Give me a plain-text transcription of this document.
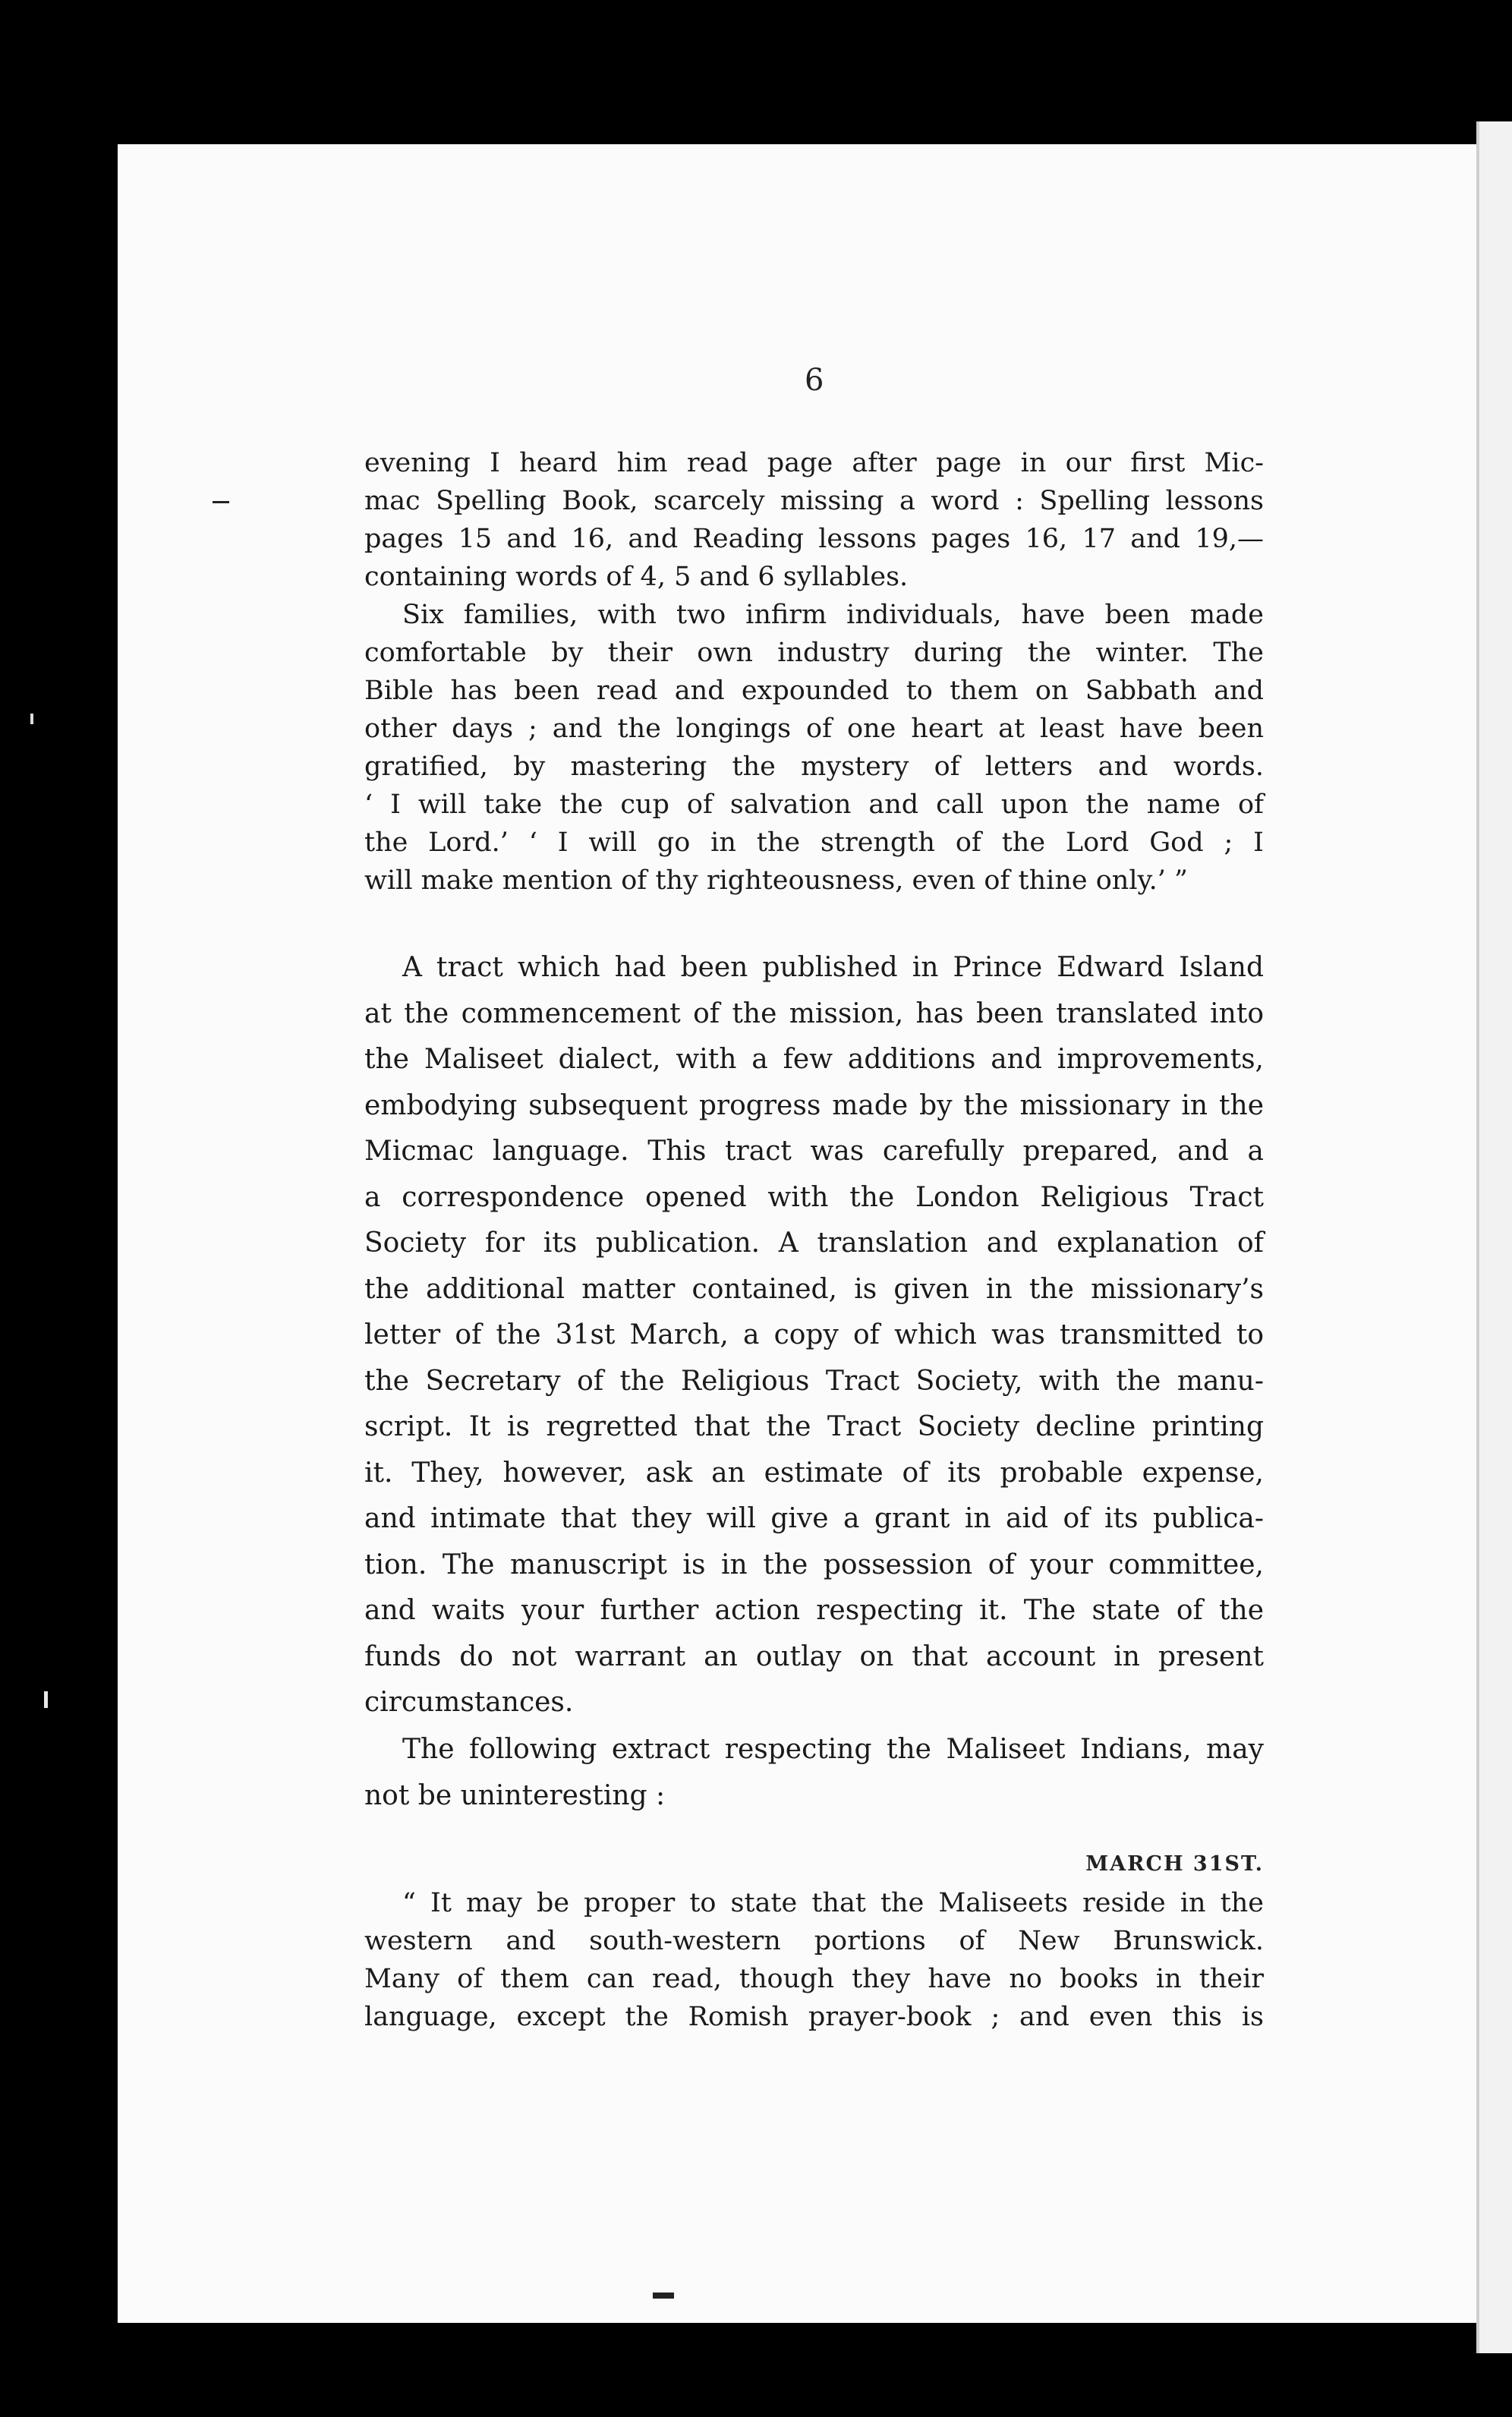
6
evening I heard him read page after page in our first Mic-
mac Spelling Book, scarcely missing a word : Spelling lessons
pages 15 and 16, and Reading lessons pages 16, 17 and 19,—
containing words of 4, 5 and 6 syllables.
Six families, with two infirm individuals, have been made
comfortable by their own industry during the winter. The
Bible has been read and expounded to them on Sabbath and
other days ; and the longings of one heart at least have been
gratified, by mastering the mystery of letters and words.
‘ I will take the cup of salvation and call upon the name of
the Lord.’ ‘ I will go in the strength of the Lord God ; I
will make mention of thy righteousness, even of thine only.’ ”
A tract which had been published in Prince Edward Island
at the commencement of the mission, has been translated into
the Maliseet dialect, with a few additions and improvements,
embodying subsequent progress made by the missionary in the
Micmac language. This tract was carefully prepared, and a
a correspondence opened with the London Religious Tract
Society for its publication. A translation and explanation of
the additional matter contained, is given in the missionary’s
letter of the 31st March, a copy of which was transmitted to
the Secretary of the Religious Tract Society, with the manu-
script. It is regretted that the Tract Society decline printing
it. They, however, ask an estimate of its probable expense,
and intimate that they will give a grant in aid of its publica-
tion. The manuscript is in the possession of your committee,
and waits your further action respecting it. The state of the
funds do not warrant an outlay on that account in present
circumstances.
The following extract respecting the Maliseet Indians, may
not be uninteresting :
MARCH 31ST.
“ It may be proper to state that the Maliseets reside in the
western and south-western portions of New Brunswick.
Many of them can read, though they have no books in their
language, except the Romish prayer-book ; and even this is
